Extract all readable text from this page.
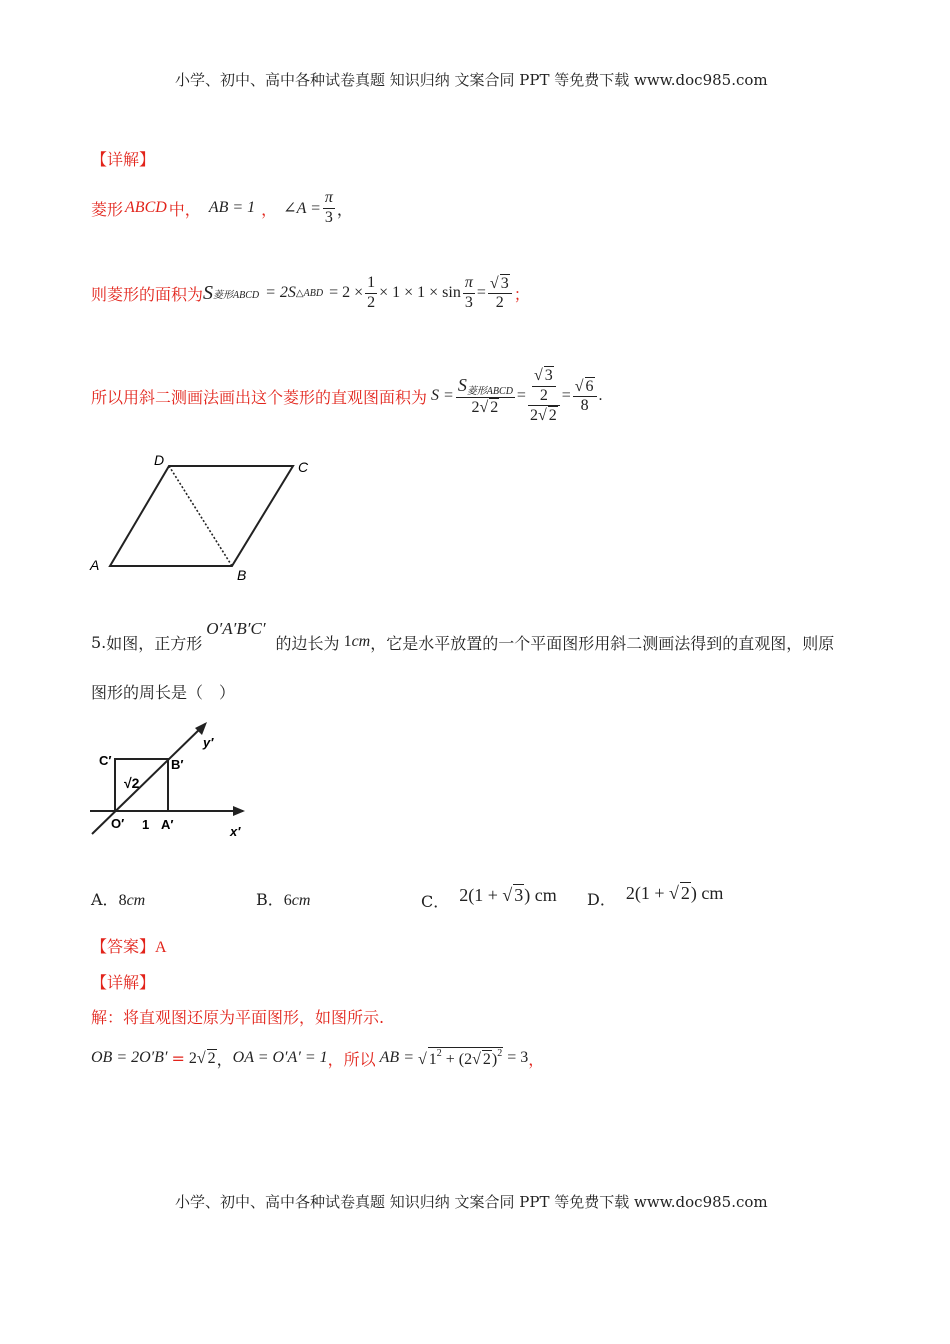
小学、初中、高中各种试卷真题 知识归纳 文案合同 PPT 等免费下载 www.doc985.com
【详解】
菱形 ABCD 中， AB = 1 ， ∠A = $\frac{\pi}{3}$ ，
则菱形的面积为 S 菱形ABCD = 2S △ABD = $2 \times \frac{1}{2} \times 1 \times 1 \times \sin \frac{\pi}{3} = \frac{√ 3}{2}$ ；
所以用斜二测画法画出这个菱形的直观图面积为 $S = \frac{S_{菱形ABCD}}{2√ 2} = \frac{\frac{√ 3}{2}}{2√ 2} = \frac{√ 6}{8}$ .
A
B
C
D
5. 如图，正方形
O′A′B′C′
的边长为 1 cm ，它是水平放置的一个平面图形用斜二测画法得到的直观图，则原
图形的周长是（　）
y′
x′
C′	B′
O′ 1 A′
√2
A．8cm	B．6cm	C． 2(1 + √ 3) cm D． 2(1 + √ 2) cm
【答案】A
【详解】
解：将直观图还原为平面图形，如图所示.
OB = 2O′B′ = 2√ 2 ， OA = O′A′ = 1 ，所以 AB = √ $1^2 + (2√$ 2)$^2$ = 3 ，
小学、初中、高中各种试卷真题 知识归纳 文案合同 PPT 等免费下载 www.doc985.com
